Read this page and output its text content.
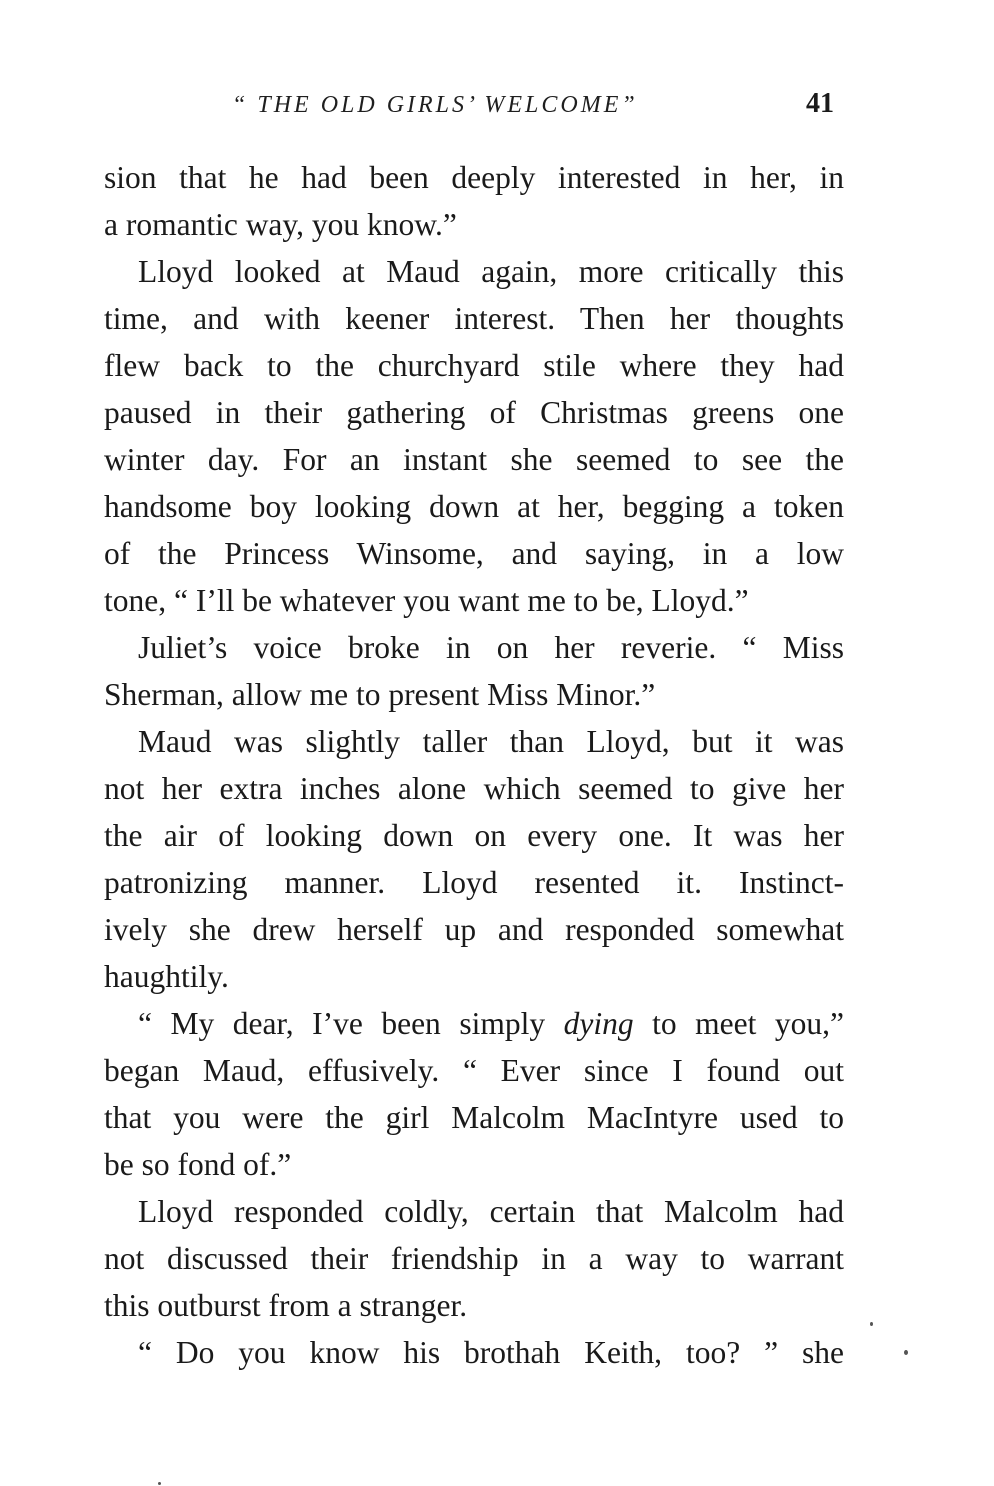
“ THE OLD GIRLS’ WELCOME”	41
sion that he had been deeply interested in her, in
a romantic way, you know.”
Lloyd looked at Maud again, more critically this
time, and with keener interest. Then her thoughts
flew back to the churchyard stile where they had
paused in their gathering of Christmas greens one
winter day. For an instant she seemed to see the
handsome boy looking down at her, begging a token
of the Princess Winsome, and saying, in a low
tone, “ I’ll be whatever you want me to be, Lloyd.”
Juliet’s voice broke in on her reverie. “ Miss
Sherman, allow me to present Miss Minor.”
Maud was slightly taller than Lloyd, but it was
not her extra inches alone which seemed to give her
the air of looking down on every one. It was her
patronizing manner. Lloyd resented it. Instinct-
ively she drew herself up and responded somewhat
haughtily.
“ My dear, I’ve been simply dying to meet you,”
began Maud, effusively. “ Ever since I found out
that you were the girl Malcolm MacIntyre used to
be so fond of.”
Lloyd responded coldly, certain that Malcolm had
not discussed their friendship in a way to warrant
this outburst from a stranger.
“ Do you know his brothah Keith, too? ” she
